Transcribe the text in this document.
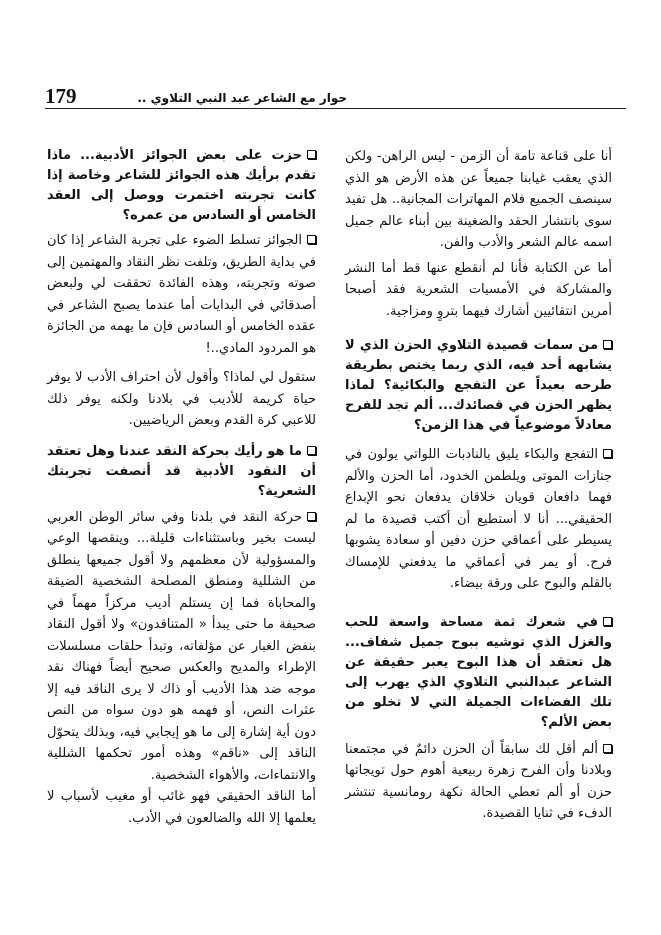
179	حوار مع الشاعر عبد النبي التلاوي ..

أنا على قناعة تامة أن الزمن - ليس الراهن- ولكن الذي يعقب غيابنا جميعاً عن هذه الأرض هو الذي سينصف الجميع فلام المهاترات المجانية.. هل تفيد سوى بانتشار الحقد والضغينة بين أبناء عالم جميل اسمه عالم الشعر والأدب والفن.

أما عن الكتابة فأنا لم أنقطع عنها قط أما النشر والمشاركة في الأمسيات الشعرية فقد أصبحا أمرين انتقائيين أشارك فيهما بتروٍ ومزاجية.

من سمات قصيدة التلاوي الحزن الذي لا يشابهه أحد فيه، الذي ربما يختص بطريقة طرحه بعيداً عن التفجع والبكائية؟ لماذا يظهر الحزن في قصائدك... ألم تجد للفرح معادلاً موضوعياً في هذا الزمن؟

التفجع والبكاء يليق بالنادبات اللواتي يولون في جنازات الموتى ويلطمن الخدود، أما الحزن والألم فهما دافعان قويان خلاقان يدفعان نحو الإبداع الحقيقي... أنا لا أستطيع أن أكتب قصيدة ما لم يسيطر على أعماقي حزن دفين أو سعادة يشوبها فرح. أو يمر في أعماقي ما يدفعني للإمساك بالقلم والبوح على ورقة بيضاء.

في شعرك ثمة مساحة واسعة للحب والغزل الذي توشيه ببوح جميل شفاف... هل تعتقد أن هذا البوح يعبر حقيقة عن الشاعر عبدالنبي التلاوي الذي يهرب إلى تلك الفضاءات الجميلة التي لا تخلو من بعض الألم؟

ألم أقل لك سابقاً أن الحزن دائمٌ في مجتمعنا وبلادنا وأن الفرح زهرة ربيعية أهوم حول تويجاتها حزن أو ألم تعطي الحالة نكهة رومانسية تنتشر الدفء في ثنايا القصيدة.

حزت على بعض الجوائز الأدبية... ماذا تقدم برأيك هذه الجوائز للشاعر وخاصة إذا كانت تجربته اختمرت ووصل إلى العقد الخامس أو السادس من عمره؟

الجوائز تسلط الضوء على تجربة الشاعر إذا كان في بداية الطريق، وتلفت نظر النقاد والمهتمين إلى صوته وتجربته، وهذه الفائدة تحققت لي ولبعض أصدقائي في البدايات أما عندما يصبح الشاعر في عقده الخامس أو السادس فإن ما يهمه من الجائزة هو المردود المادي..!

ستقول لي لماذا؟ وأقول لأن احتراف الأدب لا يوفر حياة كريمة للأديب في بلادنا ولكنه يوفر ذلك للاعبي كرة القدم وبعض الرياضيين.

ما هو رأيك بحركة النقد عندنا وهل تعتقد أن النقود الأدبية قد أنصفت تجربتك الشعرية؟

حركة النقد في بلدنا وفي سائر الوطن العربي ليست بخير وباستثناءات قليلة... وينقصها الوعي والمسؤولية لأن معظمهم ولا أقول جميعها ينطلق من الشللية ومنطق المصلحة الشخصية الضيقة والمحاباة فما إن يستلم أديب مركزاً مهماً في صحيفة ما حتى يبدأ « المتناقدون» ولا أقول النقاد بنفض الغبار عن مؤلفاته، وتبدأ حلقات مسلسلات الإطراء والمديح والعكس صحيح أيضاً فهناك نقد موجه ضد هذا الأديب أو ذاك لا يرى الناقد فيه إلا عثرات النص، أو فهمه هو دون سواه من النص دون أية إشارة إلى ما هو إيجابي فيه، وبذلك يتحوّل الناقد إلى «ناقم» وهذه أمور تحكمها الشللية والانتماءات، والأهواء الشخصية.

أما الناقد الحقيقي فهو غائب أو مغيب لأسباب لا يعلمها إلا الله والضالعون في الأدب.
